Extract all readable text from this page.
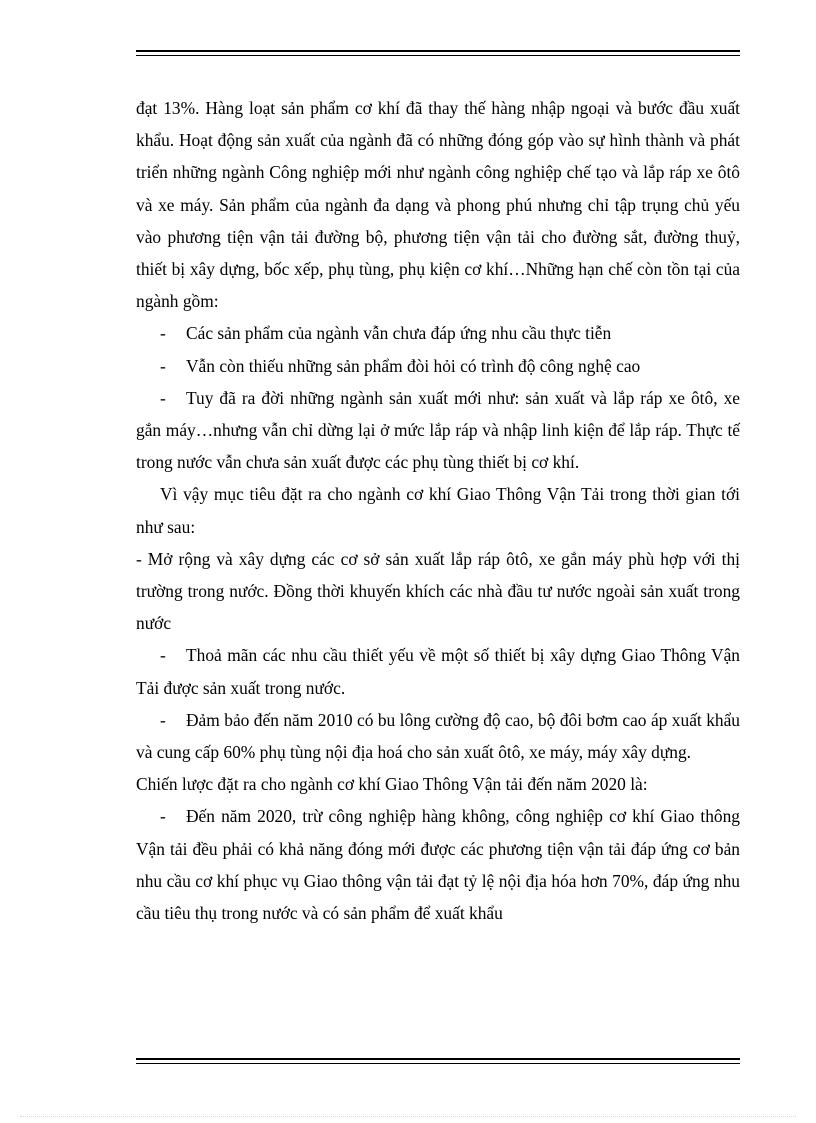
đạt 13%. Hàng loạt sản phẩm cơ khí đã thay thế hàng nhập ngoại và bước đầu xuất khẩu. Hoạt động sản xuất của ngành đã có những đóng góp vào sự hình thành và phát triển những ngành Công nghiệp mới như ngành công nghiệp chế tạo và lắp ráp xe ôtô và xe máy. Sản phẩm của ngành đa dạng và phong phú nhưng chỉ tập trụng chủ yếu vào phương tiện vận tải đường bộ, phương tiện vận tải cho đường sắt, đường thuỷ, thiết bị xây dựng, bốc xếp, phụ tùng, phụ kiện cơ khí…Những hạn chế còn tồn tại của ngành gồm:

- Các sản phẩm của ngành vẫn chưa đáp ứng nhu cầu thực tiễn

- Vẫn còn thiếu những sản phẩm đòi hỏi có trình độ công nghệ cao

- Tuy đã ra đời những ngành sản xuất mới như: sản xuất và lắp ráp xe ôtô, xe gắn máy…nhưng vẫn chỉ dừng lại ở mức lắp ráp và nhập linh kiện để lắp ráp. Thực tế trong nước vẫn chưa sản xuất được các phụ tùng thiết bị cơ khí.

Vì vậy mục tiêu đặt ra cho ngành cơ khí Giao Thông Vận Tải trong thời gian tới như sau:

- Mở rộng và xây dựng các cơ sở sản xuất lắp ráp ôtô, xe gắn máy phù hợp với thị trường trong nước. Đồng thời khuyến khích các nhà đầu tư nước ngoài sản xuất trong nước

- Thoả mãn các nhu cầu thiết yếu về một số thiết bị xây dựng Giao Thông Vận Tải được sản xuất trong nước.

- Đảm bảo đến năm 2010 có bu lông cường độ cao, bộ đôi bơm cao áp xuất khẩu và cung cấp 60% phụ tùng nội địa hoá cho sản xuất ôtô, xe máy, máy xây dựng.

Chiến lược đặt ra cho ngành cơ khí Giao Thông Vận tải đến năm 2020 là:

- Đến năm 2020, trừ công nghiệp hàng không, công nghiệp cơ khí Giao thông Vận tải đều phải có khả năng đóng mới được các phương tiện vận tải đáp ứng cơ bản nhu cầu cơ khí phục vụ Giao thông vận tải đạt tỷ lệ nội địa hóa hơn 70%, đáp ứng nhu cầu tiêu thụ trong nước và có sản phẩm để xuất khẩu
